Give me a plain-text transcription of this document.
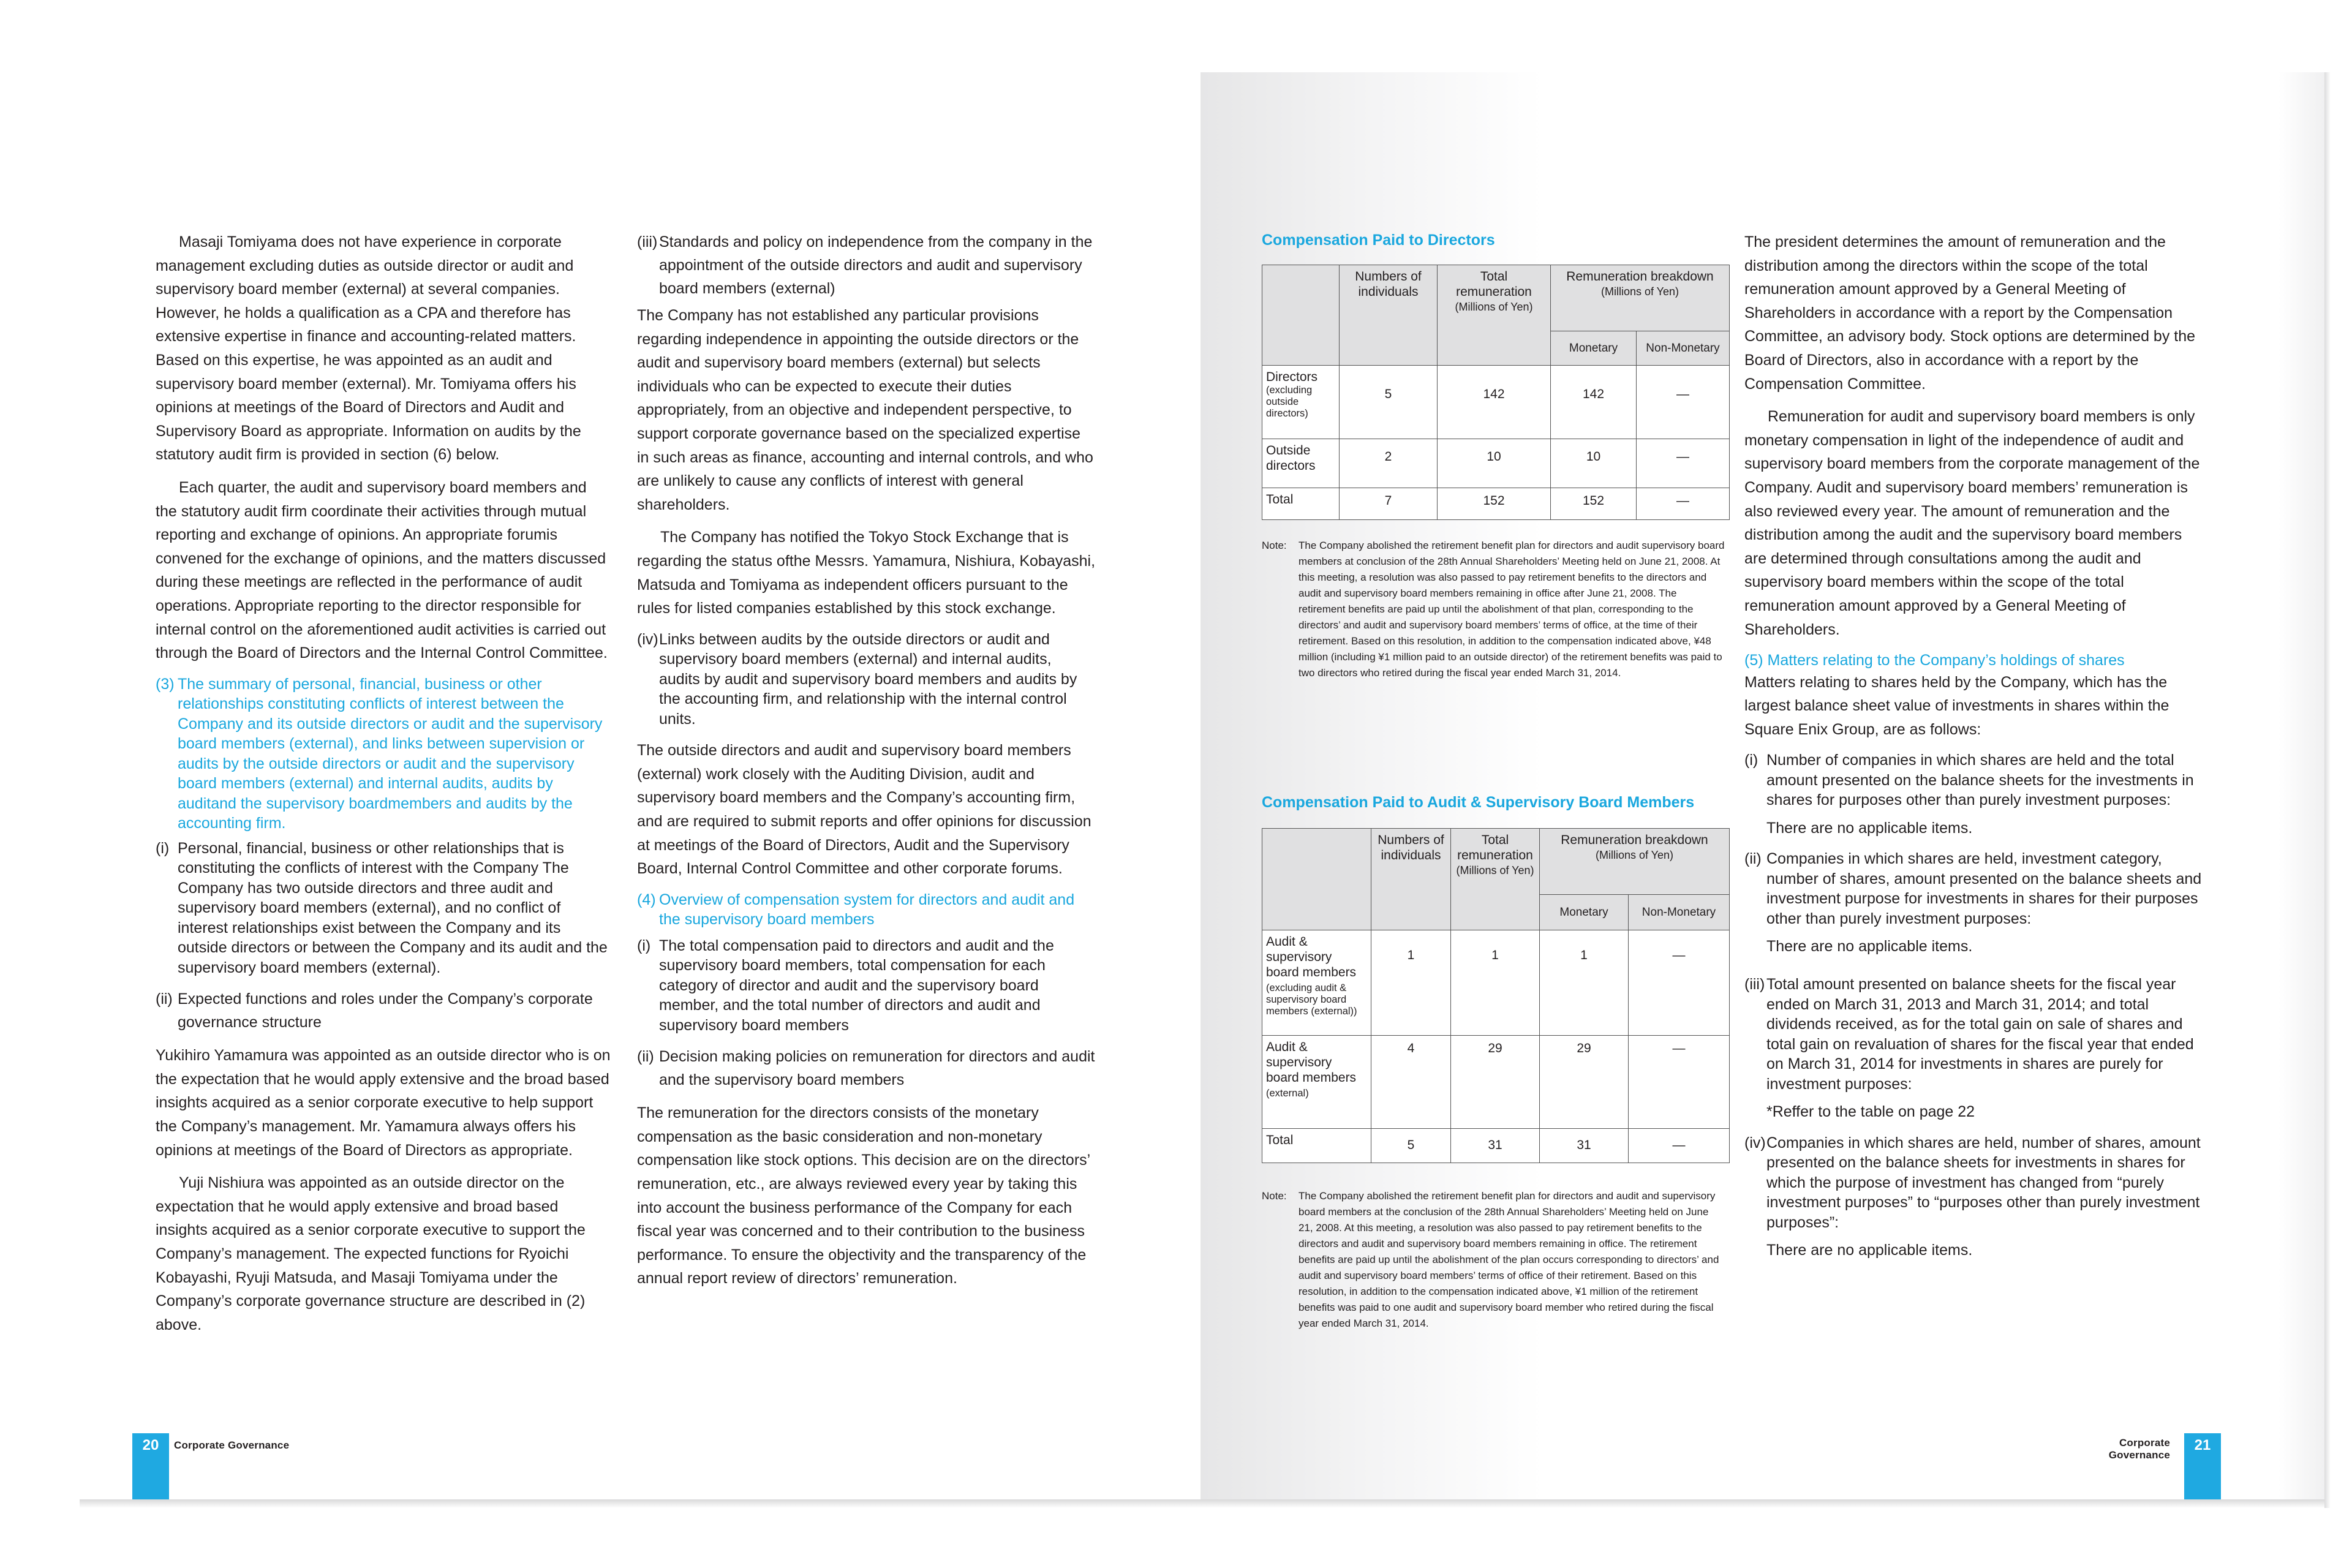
Masaji Tomiyama does not have experience in corporate management excluding duties as outside director or audit and supervisory board member (external) at several companies. However, he holds a qualification as a CPA and therefore has extensive expertise in finance and accounting-related matters. Based on this expertise, he was appointed as an audit and supervisory board member (external). Mr. Tomiyama offers his opinions at meetings of the Board of Directors and Audit and Supervisory Board as appropriate. Information on audits by the statutory audit firm is provided in section (6) below.

Each quarter, the audit and supervisory board members and the statutory audit firm coordinate their activities through mutual reporting and exchange of opinions. An appropriate forumis convened for the exchange of opinions, and the matters discussed during these meetings are reflected in the performance of audit operations. Appropriate reporting to the director responsible for internal control on the aforementioned audit activities is carried out through the Board of Directors and the Internal Control Committee.

(3) The summary of personal, financial, business or other relationships constituting conflicts of interest between the Company and its outside directors or audit and the supervisory board members (external), and links between supervision or audits by the outside directors or audit and the supervisory board members (external) and internal audits, audits by auditand the supervisory boardmembers and audits by the accounting firm.
(i) Personal, financial, business or other relationships that is constituting the conflicts of interest with the Company The Company has two outside directors and three audit and supervisory board members (external), and no conflict of interest relationships exist between the Company and its outside directors or between the Company and its audit and the supervisory board members (external).
(ii) Expected functions and roles under the Company’s corporate governance structure

Yukihiro Yamamura was appointed as an outside director who is on the expectation that he would apply extensive and the broad based insights acquired as a senior corporate executive to help support the Company’s management. Mr. Yamamura always offers his opinions at meetings of the Board of Directors as appropriate.

Yuji Nishiura was appointed as an outside director on the expectation that he would apply extensive and broad based insights acquired as a senior corporate executive to support the Company’s management. The expected functions for Ryoichi Kobayashi, Ryuji Matsuda, and Masaji Tomiyama under the Company’s corporate governance structure are described in (2) above.

(iii) Standards and policy on independence from the company in the appointment of the outside directors and audit and supervisory board members (external)

The Company has not established any particular provisions regarding independence in appointing the outside directors or the audit and supervisory board members (external) but selects individuals who can be expected to execute their duties appropriately, from an objective and independent perspective, to support corporate governance based on the specialized expertise in such areas as finance, accounting and internal controls, and who are unlikely to cause any conflicts of interest with general shareholders.

The Company has notified the Tokyo Stock Exchange that is regarding the status ofthe Messrs. Yamamura, Nishiura, Kobayashi, Matsuda and Tomiyama as independent officers pursuant to the rules for listed companies established by this stock exchange.

(iv) Links between audits by the outside directors or audit and supervisory board members (external) and internal audits, audits by audit and supervisory board members and audits by the accounting firm, and relationship with the internal control units.

The outside directors and audit and supervisory board members (external) work closely with the Auditing Division, audit and supervisory board members and the Company’s accounting firm, and are required to submit reports and offer opinions for discussion at meetings of the Board of Directors, Audit and the Supervisory Board, Internal Control Committee and other corporate forums.

(4) Overview of compensation system for directors and audit and the supervisory board members
(i) The total compensation paid to directors and audit and the supervisory board members, total compensation for each category of director and audit and the supervisory board member, and the total number of directors and audit and supervisory board members
(ii) Decision making policies on remuneration for directors and audit and the supervisory board members

The remuneration for the directors consists of the monetary compensation as the basic consideration and non-monetary compensation like stock options. This decision are on the directors’ remuneration, etc., are always reviewed every year by taking this into account the business performance of the Company for each fiscal year was concerned and to their contribution to the business performance. To ensure the objectivity and the transparency of the annual report review of directors’ remuneration.

Compensation Paid to Directors
	Numbers of individuals	Total remuneration
(Millions of Yen)	Remuneration breakdown
(Millions of Yen)	

			Monetary	Non-Monetary
Directors
(excluding outside directors)	5	142	142	—
Outside directors	2	10	10	—
Total	7	152	152	—
Note:	The Company abolished the retirement benefit plan for directors and audit supervisory board members at conclusion of the 28th Annual Shareholders’ Meeting held on June 21, 2008. At this meeting, a resolution was also passed to pay retirement benefits to the directors and audit and supervisory board members remaining in office after June 21, 2008. The retirement benefits are paid up until the abolishment of that plan, corresponding to the directors’ and audit and supervisory board members’ terms of office, at the time of their retirement. Based on this resolution, in addition to the compensation indicated above, ¥48 million (including ¥1 million paid to an outside director) of the retirement benefits was paid to two directors who retired during the fiscal year ended March 31, 2014.
Compensation Paid to Audit & Supervisory Board Members
	Numbers of individuals	Total remuneration
(Millions of Yen)	Remuneration breakdown
(Millions of Yen)	

			Monetary	Non-Monetary
Audit & supervisory board members
(excluding audit & supervisory board members (external))	1	1	1	—
Audit & supervisory board members
(external)	4	29	29	—
Total	5	31	31	—
Note:	The Company abolished the retirement benefit plan for directors and audit and supervisory board members at the conclusion of the 28th Annual Shareholders’ Meeting held on June 21, 2008. At this meeting, a resolution was also passed to pay retirement benefits to the directors and audit and supervisory board members remaining in office. The retirement benefits are paid up until the abolishment of the plan occurs corresponding to directors’ and audit and supervisory board members’ terms of office of their retirement. Based on this resolution, in addition to the compensation indicated above, ¥1 million of the retirement benefits was paid to one audit and supervisory board member who retired during the fiscal year ended March 31, 2014.

The president determines the amount of remuneration and the distribution among the directors within the scope of the total remuneration amount approved by a General Meeting of Shareholders in accordance with a report by the Compensation Committee, an advisory body. Stock options are determined by the Board of Directors, also in accordance with a report by the Compensation Committee.

Remuneration for audit and supervisory board members is only monetary compensation in light of the independence of audit and supervisory board members from the corporate management of the Company. Audit and supervisory board members’ remuneration is also reviewed every year. The amount of remuneration and the distribution among the audit and the supervisory board members are determined through consultations among the audit and supervisory board members within the scope of the total remuneration amount approved by a General Meeting of Shareholders.

(5) Matters relating to the Company’s holdings of shares

Matters relating to shares held by the Company, which has the largest balance sheet value of investments in shares within the Square Enix Group, are as follows:

(i) Number of companies in which shares are held and the total amount presented on the balance sheets for the investments in shares for purposes other than purely investment purposes:

There are no applicable items.

(ii) Companies in which shares are held, investment category, number of shares, amount presented on the balance sheets and investment purpose for investments in shares for their purposes other than purely investment purposes:

There are no applicable items.

(iii) Total amount presented on balance sheets for the fiscal year ended on March 31, 2013 and March 31, 2014; and total dividends received, as for the total gain on sale of shares and total gain on revaluation of shares for the fiscal year that ended on March 31, 2014 for investments in shares are purely for investment purposes:

*Reffer to the table on page 22

(iv) Companies in which shares are held, number of shares, amount presented on the balance sheets for investments in shares for which the purpose of investment has changed from “purely investment purposes” to “purposes other than purely investment purposes”:

There are no applicable items.

20	Corporate Governance	Corporate Governance
21
